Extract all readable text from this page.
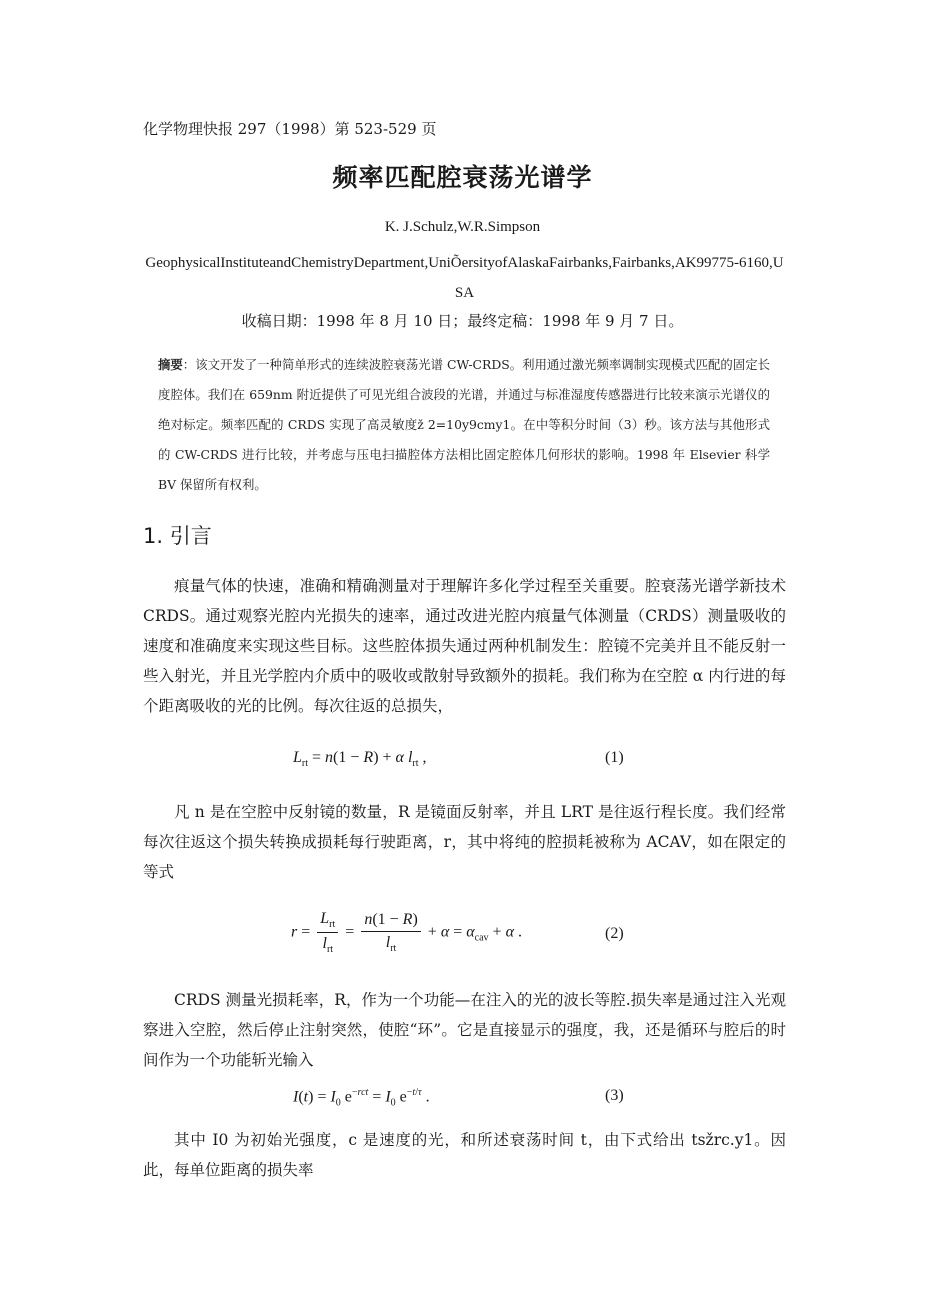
化学物理快报 297（1998）第 523-529 页
频率匹配腔衰荡光谱学
K. J.Schulz,W.R.Simpson
GeophysicalInstituteandChemistryDepartment,UniÕersityofAlaskaFairbanks,Fairbanks,AK99775-6160,USA
收稿日期：1998 年 8 月 10 日；最终定稿：1998 年 9 月 7 日。
摘要：该文开发了一种简单形式的连续波腔衰荡光谱 CW-CRDS。利用通过激光频率调制实现模式匹配的固定长度腔体。我们在 659nm 附近提供了可见光组合波段的光谱，并通过与标准湿度传感器进行比较来演示光谱仪的绝对标定。频率匹配的 CRDS 实现了高灵敏度ž 2=10y9cmy1。在中等积分时间（3）秒。该方法与其他形式的 CW-CRDS 进行比较，并考虑与压电扫描腔体方法相比固定腔体几何形状的影响。1998 年 Elsevier 科学 BV 保留所有权利。
1. 引言
痕量气体的快速，准确和精确测量对于理解许多化学过程至关重要。腔衰荡光谱学新技术 CRDS。通过观察光腔内光损失的速率，通过改进光腔内痕量气体测量（CRDS）测量吸收的速度和准确度来实现这些目标。这些腔体损失通过两种机制发生：腔镜不完美并且不能反射一些入射光，并且光学腔内介质中的吸收或散射导致额外的损耗。我们称为在空腔 α 内行进的每个距离吸收的光的比例。每次往返的总损失，
$L_{rt} = n(1 - R) + \alpha$ $l_{rt}$ ,	(1)
凡 n 是在空腔中反射镜的数量，R 是镜面反射率，并且 LRT 是往返行程长度。我们经常每次往返这个损失转换成损耗每行驶距离，r，其中将纯的腔损耗被称为 ACAV，如在限定的等式
$r = \frac{L_{rt}}{l_{rt}} = \frac{n(1 - R)}{l_{rt}} + \alpha = \alpha_{cav} + \alpha$ .	(2)
CRDS 测量光损耗率，R，作为一个功能—在注入的光的波长等腔.损失率是通过注入光观察进入空腔，然后停止注射突然，使腔“环”。它是直接显示的强度，我，还是循环与腔后的时间作为一个功能斩光输入
$I(t) = I_0$ $e^{-rct} = I_0$ $e^{-t/\tau}$ .	(3)
其中 I0 为初始光强度，c 是速度的光，和所述衰荡时间 t，由下式给出 tsžrc.y1。因此，每单位距离的损失率
